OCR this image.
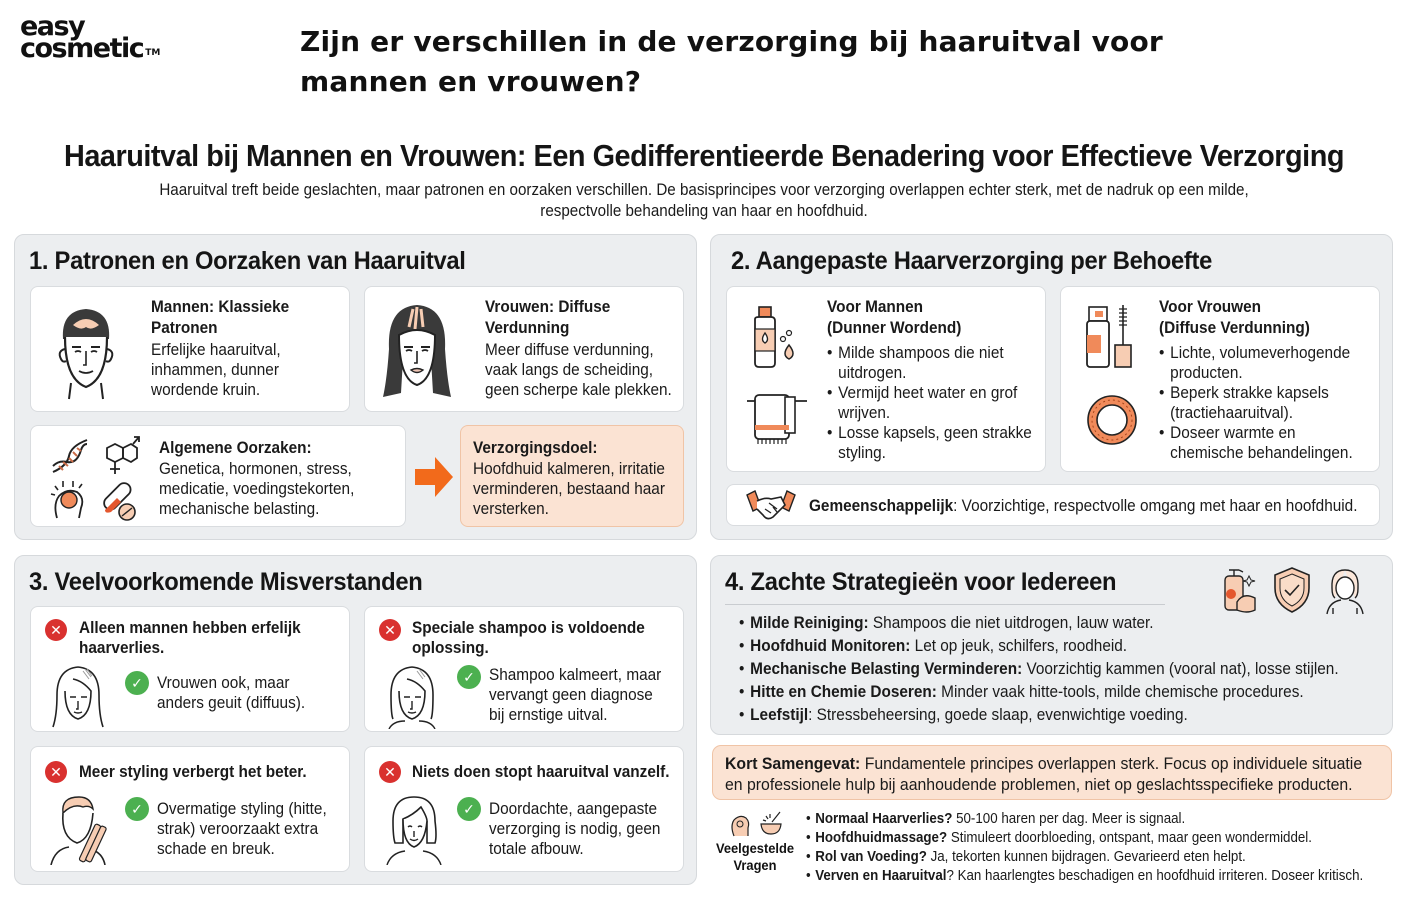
easy
cosmetic ™	Zijn er verschillen in de verzorging bij haaruitval voor mannen en vrouwen?
Haaruitval bij Mannen en Vrouwen: Een Gedifferentieerde Benadering voor Effectieve Verzorging
Haaruitval treft beide geslachten, maar patronen en oorzaken verschillen. De basisprincipes voor verzorging overlappen echter sterk, met de nadruk op een milde, respectvolle behandeling van haar en hoofdhuid.
1. Patronen en Oorzaken van Haaruitval
Mannen: Klassieke
Patronen
Erfelijke haaruitval,
inhammen, dunner
wordende kruin.
Vrouwen: Diffuse
Verdunning
Meer diffuse verdunning,
vaak langs de scheiding,
geen scherpe kale plekken.
Algemene Oorzaken:
Genetica, hormonen, stress,
medicatie, voedingstekorten,
mechanische belasting.
Verzorgingsdoel:
Hoofdhuid kalmeren, irritatie
verminderen, bestaand haar
versterken.
2. Aangepaste Haarverzorging per Behoefte
Voor Mannen
(Dunner Wordend)
• Milde shampoos die niet uitdrogen.
• Vermijd heet water en grof wrijven.
• Losse kapsels, geen strakke styling.
Voor Vrouwen
(Diffuse Verdunning)
• Lichte, volumeverhogende producten.
• Beperk strakke kapsels (tractiehaaruitval).
• Doseer warmte en chemische behandelingen.
Gemeenschappelijk: Voorzichtige, respectvolle omgang met haar en hoofdhuid.
3. Veelvoorkomende Misverstanden
✕	Alleen mannen hebben erfelijk
haarverlies.
✓ Vrouwen ook, maar
anders geuit (diffuus).
✕ Speciale shampoo is voldoende
oplossing.
✓ Shampoo kalmeert, maar
vervangt geen diagnose
bij ernstige uitval.
✕	Meer styling verbergt het beter.
✓ Overmatige styling (hitte,
strak) veroorzaakt extra
schade en breuk.
✕ Niets doen stopt haaruitval vanzelf.
✓ Doordachte, aangepaste
verzorging is nodig, geen
totale afbouw.
4. Zachte Strategieën voor Iedereen
• Milde Reiniging: Shampoos die niet uitdrogen, lauw water.
• Hoofdhuid Monitoren: Let op jeuk, schilfers, roodheid.
• Mechanische Belasting Verminderen: Voorzichtig kammen (vooral nat), losse stijlen.
• Hitte en Chemie Doseren: Minder vaak hitte-tools, milde chemische procedures.
• Leefstijl: Stressbeheersing, goede slaap, evenwichtige voeding.
Kort Samengevat: Fundamentele principes overlappen sterk. Focus op individuele situatie
en professionele hulp bij aanhoudende problemen, niet op geslachtsspecifieke producten.
Veelgestelde
Vragen
• Normaal Haarverlies? 50-100 haren per dag. Meer is signaal.
• Hoofdhuidmassage? Stimuleert doorbloeding, ontspant, maar geen wondermiddel.
• Rol van Voeding? Ja, tekorten kunnen bijdragen. Gevarieerd eten helpt.
• Verven en Haaruitval? Kan haarlengtes beschadigen en hoofdhuid irriteren. Doseer kritisch.
